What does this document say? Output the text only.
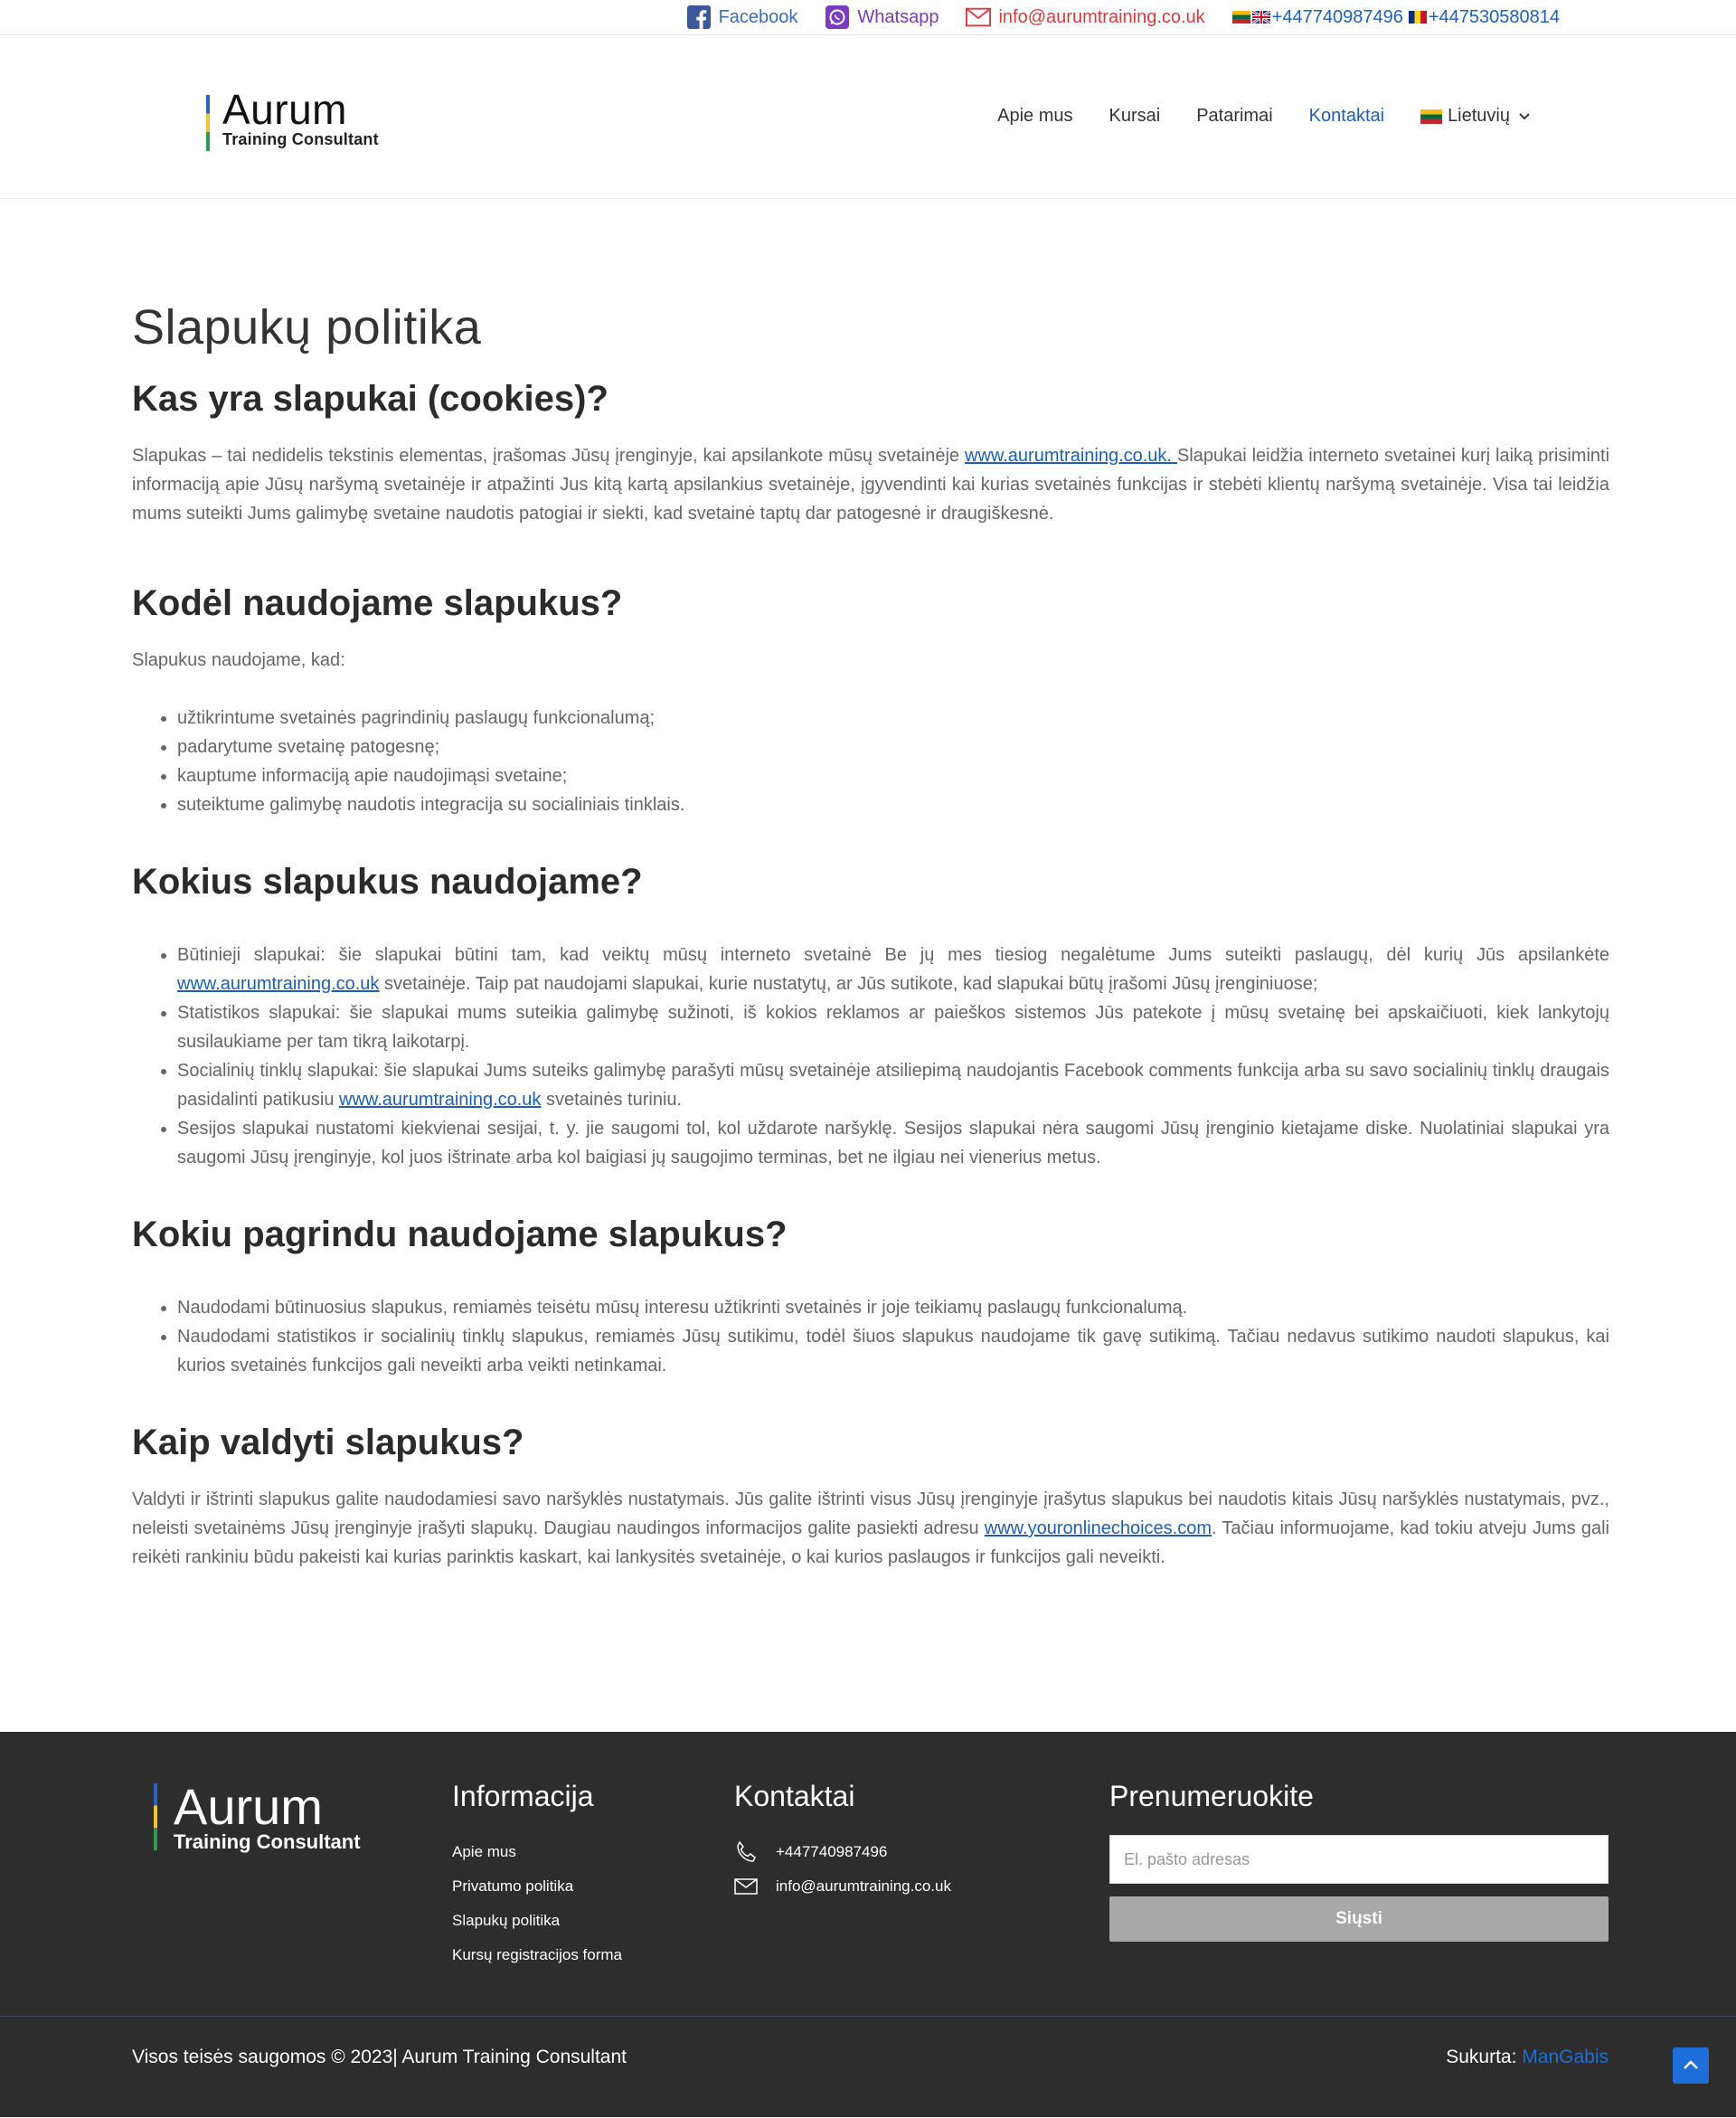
Facebook	Whatsapp	info@aurumtraining.co.uk	+447740987496 +447530580814
Aurum
Training Consultant
Apie mus Kursai Patarimai Kontaktai	Lietuvių
Slapukų politika
Kas yra slapukai (cookies)?

Slapukas – tai nedidelis tekstinis elementas, įrašomas Jūsų įrenginyje, kai apsilankote mūsų svetainėje www.aurumtraining.co.uk. Slapukai leidžia interneto svetainei kurį laiką prisiminti informaciją apie Jūsų naršymą svetainėje ir atpažinti Jus kitą kartą apsilankius svetainėje, įgyvendinti kai kurias svetainės funkcijas ir stebėti klientų naršymą svetainėje. Visa tai leidžia mums suteikti Jums galimybę svetaine naudotis patogiai ir siekti, kad svetainė taptų dar patogesnė ir draugiškesnė.

Kodėl naudojame slapukus?

Slapukus naudojame, kad:

• užtikrintume svetainės pagrindinių paslaugų funkcionalumą;
• padarytume svetainę patogesnę;
• kauptume informaciją apie naudojimąsi svetaine;
• suteiktume galimybę naudotis integracija su socialiniais tinklais.
Kokius slapukus naudojame?
• Būtinieji slapukai: šie slapukai būtini tam, kad veiktų mūsų interneto svetainė Be jų mes tiesiog negalėtume Jums suteikti paslaugų, dėl kurių Jūs apsilankėte www.aurumtraining.co.uk svetainėje. Taip pat naudojami slapukai, kurie nustatytų, ar Jūs sutikote, kad slapukai būtų įrašomi Jūsų įrenginiuose;
• Statistikos slapukai: šie slapukai mums suteikia galimybę sužinoti, iš kokios reklamos ar paieškos sistemos Jūs patekote į mūsų svetainę bei apskaičiuoti, kiek lankytojų susilaukiame per tam tikrą laikotarpį.
• Socialinių tinklų slapukai: šie slapukai Jums suteiks galimybę parašyti mūsų svetainėje atsiliepimą naudojantis Facebook comments funkcija arba su savo socialinių tinklų draugais pasidalinti patikusiu www.aurumtraining.co.uk svetainės turiniu.
• Sesijos slapukai nustatomi kiekvienai sesijai, t. y. jie saugomi tol, kol uždarote naršyklę. Sesijos slapukai nėra saugomi Jūsų įrenginio kietajame diske. Nuolatiniai slapukai yra saugomi Jūsų įrenginyje, kol juos ištrinate arba kol baigiasi jų saugojimo terminas, bet ne ilgiau nei vienerius metus.
Kokiu pagrindu naudojame slapukus?
• Naudodami būtinuosius slapukus, remiamės teisėtu mūsų interesu užtikrinti svetainės ir joje teikiamų paslaugų funkcionalumą.
• Naudodami statistikos ir socialinių tinklų slapukus, remiamės Jūsų sutikimu, todėl šiuos slapukus naudojame tik gavę sutikimą. Tačiau nedavus sutikimo naudoti slapukus, kai kurios svetainės funkcijos gali neveikti arba veikti netinkamai.
Kaip valdyti slapukus?

Valdyti ir ištrinti slapukus galite naudodamiesi savo naršyklės nustatymais. Jūs galite ištrinti visus Jūsų įrenginyje įrašytus slapukus bei naudotis kitais Jūsų naršyklės nustatymais, pvz., neleisti svetainėms Jūsų įrenginyje įrašyti slapukų. Daugiau naudingos informacijos galite pasiekti adresu www.youronlinechoices.com. Tačiau informuojame, kad tokiu atveju Jums gali reikėti rankiniu būdu pakeisti kai kurias parinktis kaskart, kai lankysitės svetainėje, o kai kurios paslaugos ir funkcijos gali neveikti.

Aurum
Training Consultant
Informacija
Apie mus
Privatumo politika
Slapukų politika
Kursų registracijos forma
Kontaktai
+447740987496
info@aurumtraining.co.uk
Prenumeruokite
El. pašto adresas Siųsti
Visos teisės saugomos © 2023| Aurum Training Consultant	Sukurta: ManGabis
